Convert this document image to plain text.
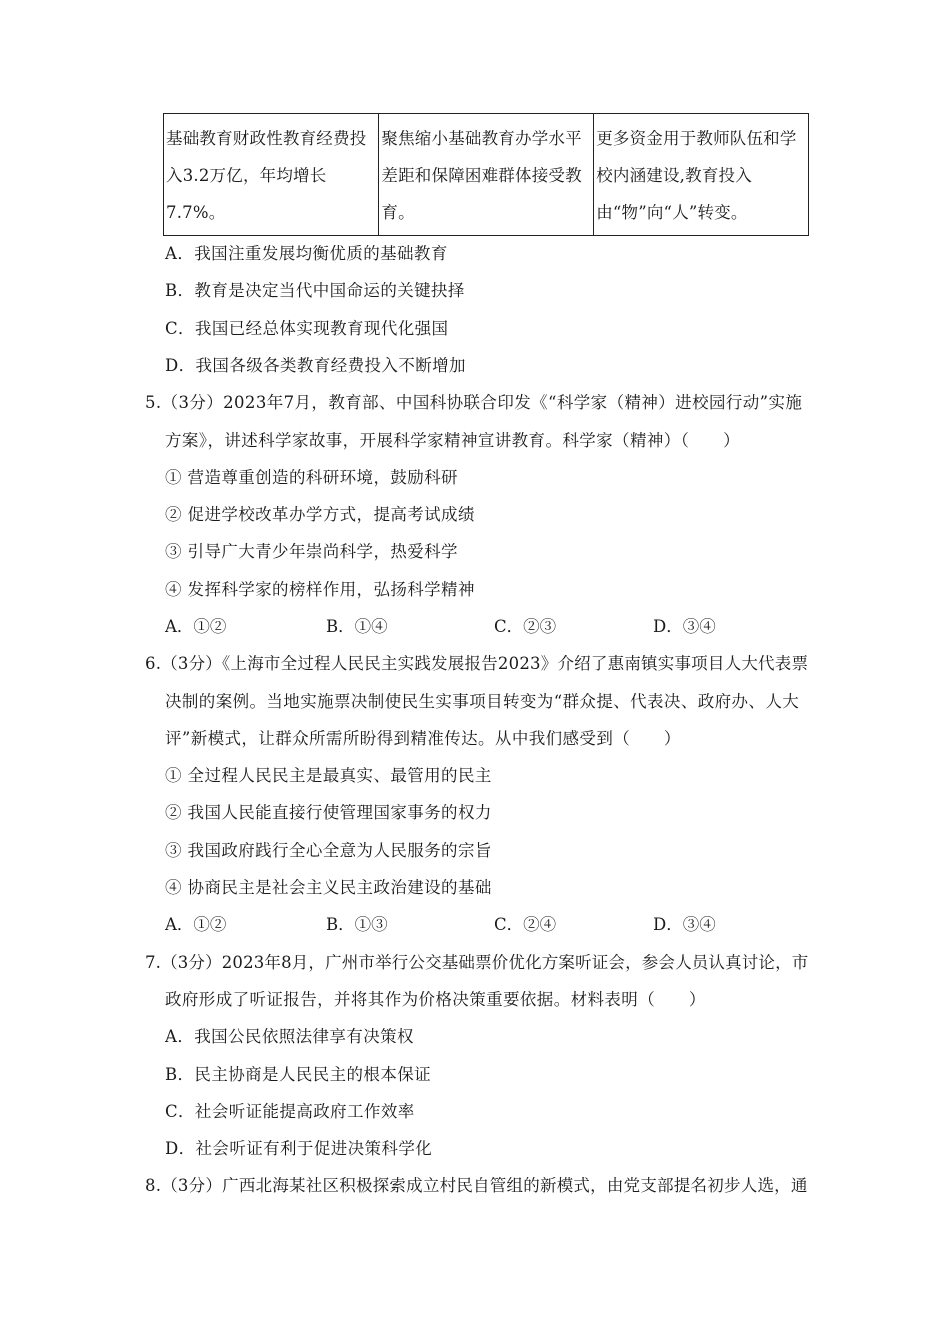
基础教育财政性教育经费投入3.2万亿，年均增长7.7%。	聚焦缩小基础教育办学水平差距和保障困难群体接受教育。	更多资金用于教师队伍和学校内涵建设,教育投入由“物”向“人”转变。
A．我国注重发展均衡优质的基础教育
B．教育是决定当代中国命运的关键抉择
C．我国已经总体实现教育现代化强国
D．我国各级各类教育经费投入不断增加
5.（3分）2023年7月，教育部、中国科协联合印发《“科学家（精神）进校园行动”实施
方案》，讲述科学家故事，开展科学家精神宣讲教育。科学家（精神）（　　）
① 营造尊重创造的科研环境，鼓励科研
② 促进学校改革办学方式，提高考试成绩
③ 引导广大青少年崇尚科学，热爱科学
④ 发挥科学家的榜样作用，弘扬科学精神
A．①②	B．①④	C．②③	D．③④
6.（3分）《上海市全过程人民民主实践发展报告2023》介绍了惠南镇实事项目人大代表票
决制的案例。当地实施票决制使民生实事项目转变为“群众提、代表决、政府办、人大
评”新模式，让群众所需所盼得到精准传达。从中我们感受到（　　）
① 全过程人民民主是最真实、最管用的民主
② 我国人民能直接行使管理国家事务的权力
③ 我国政府践行全心全意为人民服务的宗旨
④ 协商民主是社会主义民主政治建设的基础
A．①②	B．①③	C．②④	D．③④
7.（3分）2023年8月，广州市举行公交基础票价优化方案听证会，参会人员认真讨论，市
政府形成了听证报告，并将其作为价格决策重要依据。材料表明（　　）
A．我国公民依照法律享有决策权
B．民主协商是人民民主的根本保证
C．社会听证能提高政府工作效率
D．社会听证有利于促进决策科学化
8.（3分）广西北海某社区积极探索成立村民自管组的新模式，由党支部提名初步人选，通
